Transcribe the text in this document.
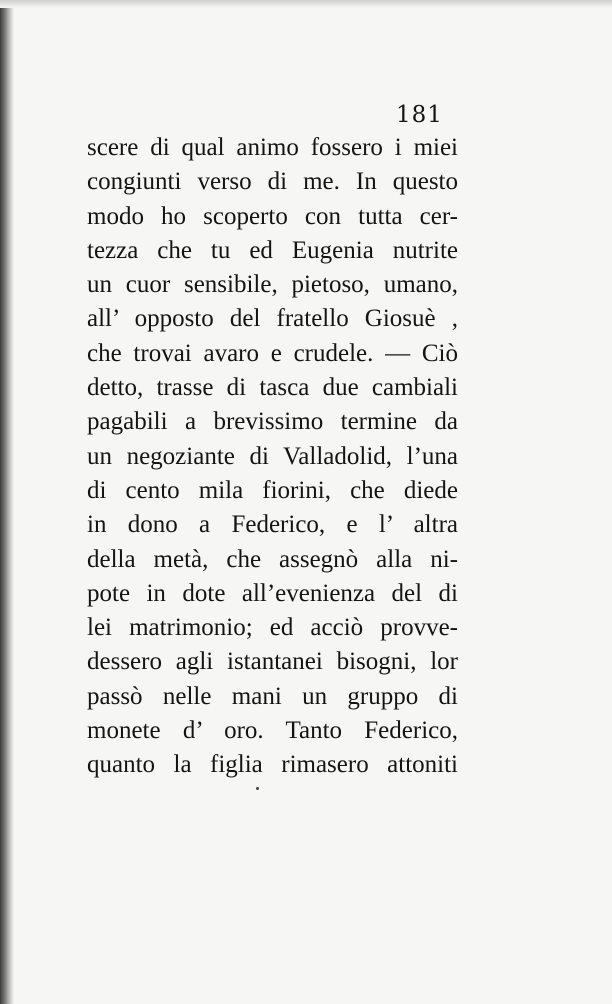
181
scere di qual animo fossero i miei
congiunti verso di me. In questo
modo ho scoperto con tutta cer-
tezza che tu ed Eugenia nutrite
un cuor sensibile, pietoso, umano,
all’ opposto del fratello Giosuè ,
che trovai avaro e crudele. — Ciò
detto, trasse di tasca due cambiali
pagabili a brevissimo termine da
un negoziante di Valladolid, l’una
di cento mila fiorini, che diede
in dono a Federico, e l’ altra
della metà, che assegnò alla ni-
pote in dote all’evenienza del di
lei matrimonio; ed acciò provve-
dessero agli istantanei bisogni, lor
passò nelle mani un gruppo di
monete d’ oro. Tanto Federico,
quanto la figlia rimasero attoniti
